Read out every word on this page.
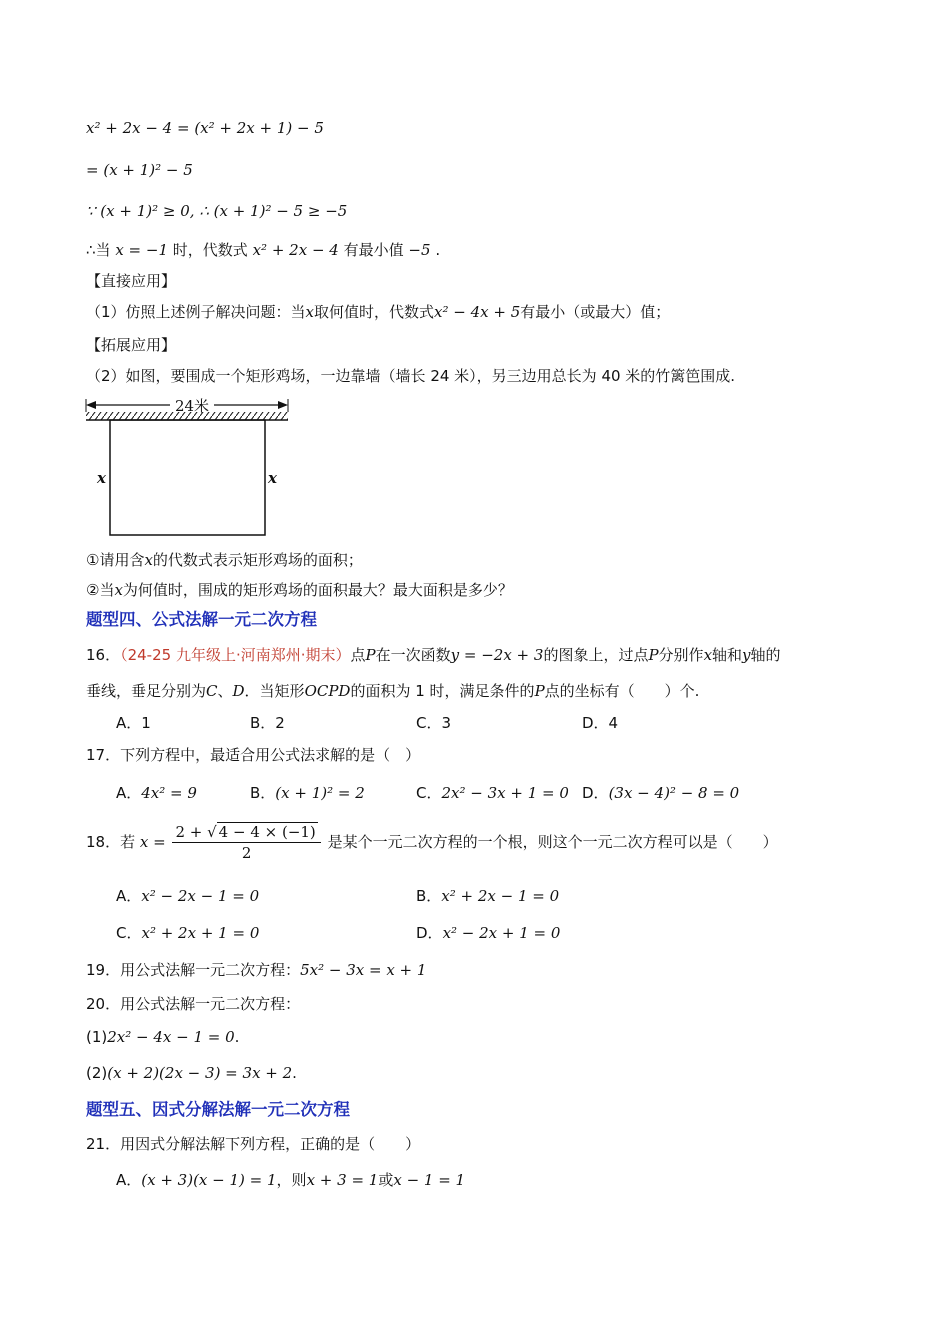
x² + 2x − 4 = (x² + 2x + 1) − 5
= (x + 1)² − 5
∵ (x + 1)² ≥ 0, ∴ (x + 1)² − 5 ≥ −5
∴当 x = −1 时，代数式 x² + 2x − 4 有最小值 −5 .
【直接应用】
（1）仿照上述例子解决问题：当x取何值时，代数式x² − 4x + 5有最小（或最大）值；
【拓展应用】
（2）如图，要围成一个矩形鸡场，一边靠墙（墙长 24 米），另三边用总长为 40 米的竹篱笆围成.
24米
x	x
①请用含x的代数式表示矩形鸡场的面积；
②当x为何值时，围成的矩形鸡场的面积最大？最大面积是多少？
题型四、公式法解一元二次方程
16．（24-25 九年级上·河南郑州·期末）点P在一次函数y = −2x + 3的图象上，过点P分别作x轴和y轴的
垂线，垂足分别为C、D．当矩形OCPD的面积为 1 时，满足条件的P点的坐标有（　　）个.
A．1	B．2	C．3	D．4
17．下列方程中，最适合用公式法求解的是（　）
A．4x² = 9	B．(x + 1)² = 2	C．2x² − 3x + 1 = 0 D．(3x − 4)² − 8 = 0
18．若 $x = \frac{2 + √ 4 - 4 \times (-1)}{2}$ 是某个一元二次方程的一个根，则这个一元二次方程可以是（　　）
A．x² − 2x − 1 = 0	B．x² + 2x − 1 = 0
C．x² + 2x + 1 = 0	D．x² − 2x + 1 = 0
19．用公式法解一元二次方程：5x² − 3x = x + 1
20．用公式法解一元二次方程：
(1)2x² − 4x − 1 = 0.
(2)(x + 2)(2x − 3) = 3x + 2.
题型五、因式分解法解一元二次方程
21．用因式分解法解下列方程，正确的是（　　）
A．(x + 3)(x − 1) = 1，则x + 3 = 1或x − 1 = 1
